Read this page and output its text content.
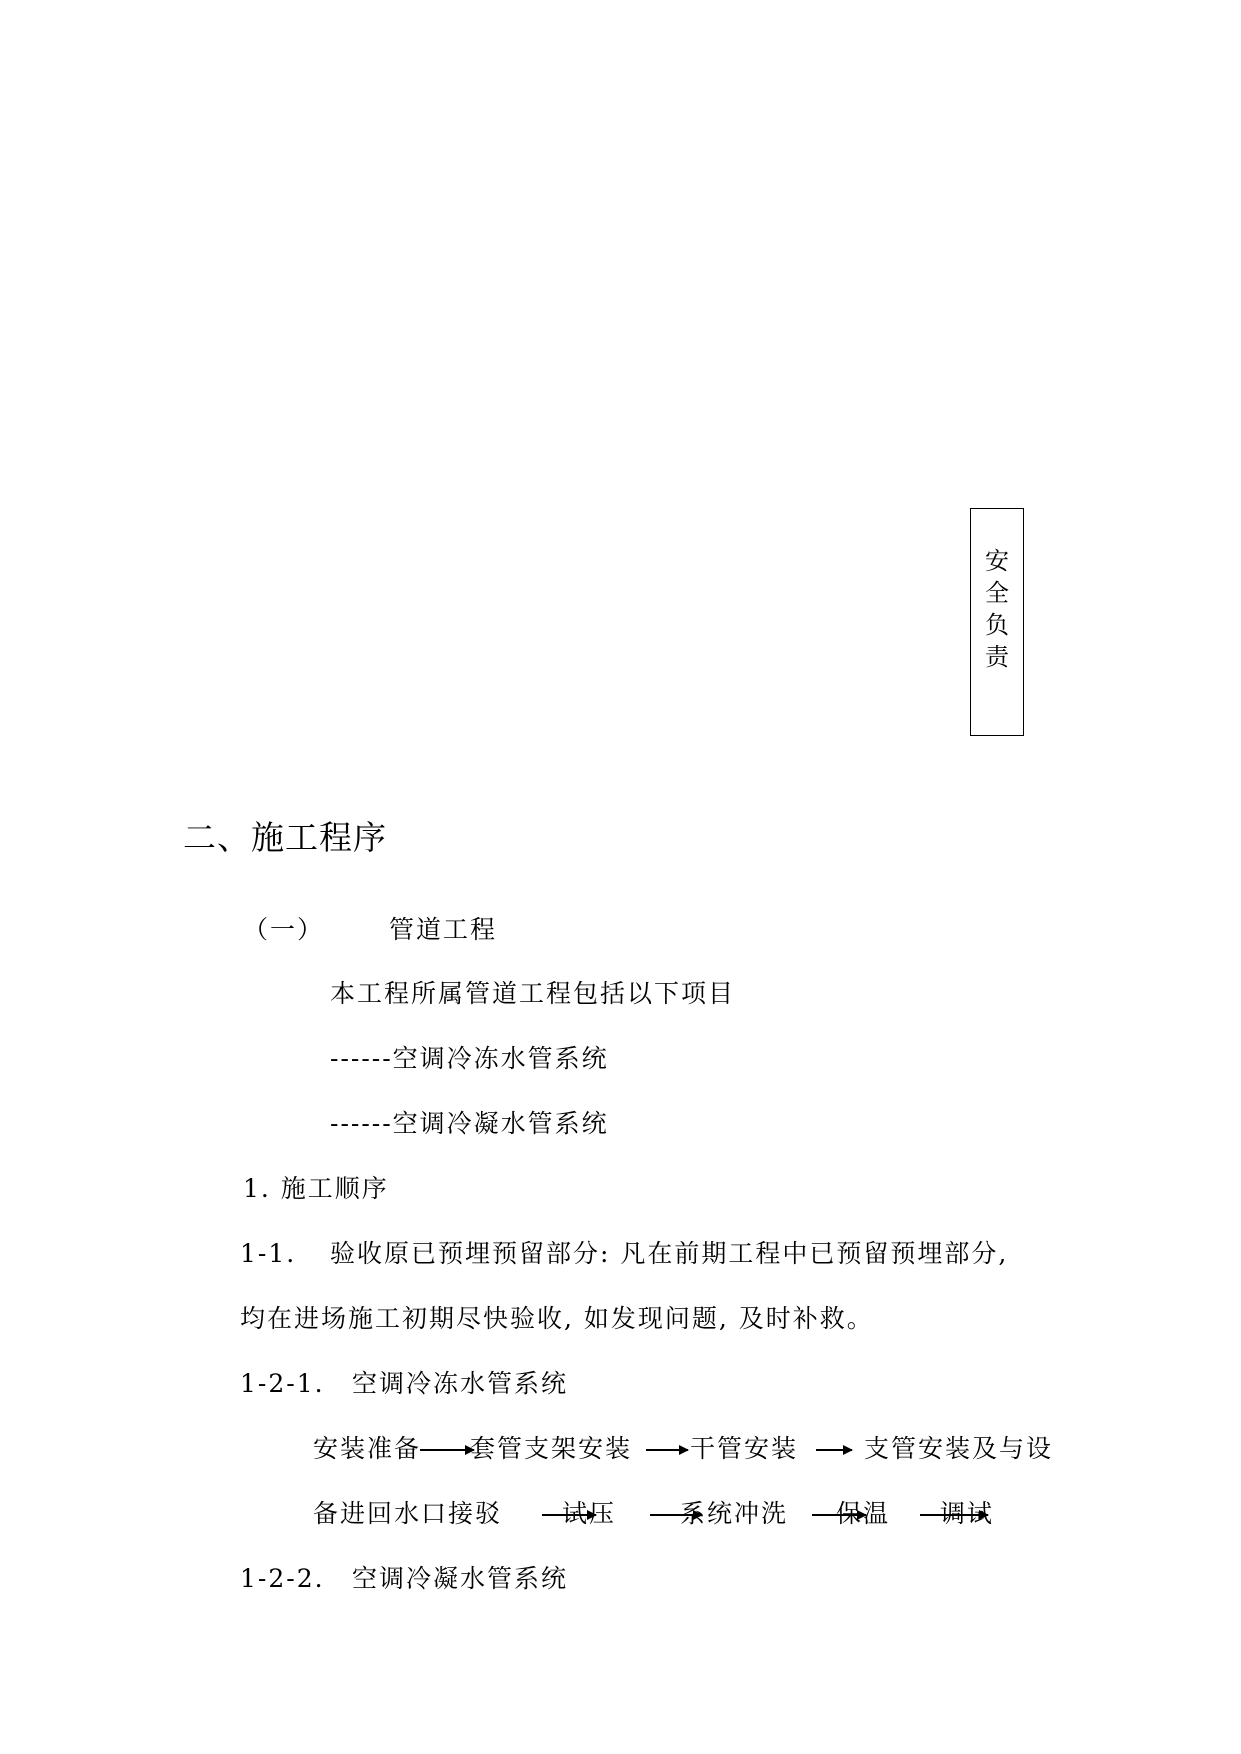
安
全
负
责
二、施工程序
（一）	管道工程
本工程所属管道工程包括以下项目
------空调冷冻水管系统
------空调冷凝水管系统
1. 施工顺序
1-1. 验收原已预埋预留部分: 凡在前期工程中已预留预埋部分,
均在进场施工初期尽快验收, 如发现问题, 及时补救。
1-2-1. 空调冷冻水管系统
安装准备 套管支架安装 干管安装	支管安装及与设
备进回水口接驳 试压	系统冲洗 保温 调试
1-2-2. 空调冷凝水管系统
